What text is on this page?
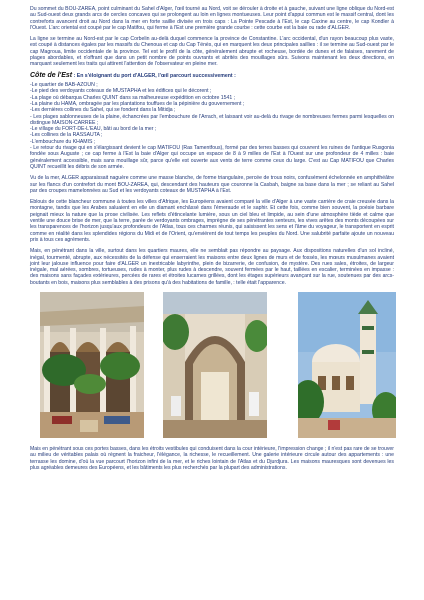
Du sommet du BOU-ZAREA, point culminant du Sahel d'Alger, l'œil tourné au Nord, voit se dérouler à droite et à gauche, suivant une ligne oblique du Nord-est au Sud-ouest deux grands arcs de cercles concaves qui se prolongent au loin en lignes montueuses. Leur point d'appui commun est le massif central, dont les contreforts avancent droit au Nord dans la mer en forte saillie divisée en trois caps : La Pointe Pescade à l'Est, le cap Caxine au centre, le cap Kondler à l'Ouest. L'arc oriental est coupé par le cap Matifou, qui ferme à l'Est une première grande courbe : cette courbe est la baie ou rade d'ALGER.

La ligne se termine au Nord-est par le cap Corbelin au-delà duquel commence la province de Constantine. L'arc occidental, d'un rayon beaucoup plus vaste, est coupé à distances égales par les massifs du Chenoua et cap du Cap Ténès, qui en marquent les deux principales saillies : il se termine au Sud-ouest par le cap Magroua, limite occidentale de la province. Tel est le profil de la côte, généralement abrupte et rocheuse, bordée de dunes et de falaises, rarement de plages abordables, et n'offrant que dans un petit nombre de points ouvrants et abrités des mouillages sûrs. Suivons maintenant les deux directions, en marquant seulement les traits qui attirent l'attention de l'observateur en pleine mer.

Côte de l'Est : En s'éloignant du port d'ALGER, l'œil parcourt successivement :
-Le quartier de BAB-AZOUN ;
-Le pied des verdoyants coteaux de MUSTAPHA et les édifices qui le décorent ;
-La plage où débarqua Charles QUINT dans sa malheureuse expédition en octobre 1541 ;
-La plaine du HAMA, ombragée par les plantations touffues de la pépinière du gouvernement ;
-Les dernières collines du Sahel, qui se fondent dans la Mitidja ;
- Les plages sablonneuses de la plaine, échancrées par l'embouchure de l'Arrach, et laissant voir au-delà du rivage de nombreuses fermes parmi lesquelles on distingue MAISON-CARREE ;
-Le village du FORT-DE-L'EAU, bâti au bord de la mer ;
-Les collines de la RASSAUTA ;
-L'embouchure du KHAMIS ;
- Le retour du rivage qui en s'élargissant devient le cap MATIFOU (Ras Tamentfous), formé par des terres basses qui couvrent les ruines de l'antique Rusgonia fondée sous Auguste ; ce cap ferme à l'Est la baie d'Alger qui occupe un espace de 8 à 9 milles de l'Est à l'Ouest sur une profondeur de 4 milles : baie généralement accessible, mais sans mouillage sûr, parce qu'elle est ouverte aux vents de terre comme ceux du large. C'est au Cap MATIFOU que Charles QUINT recueillit les débris de son armée.

Vu de la mer, ALGER apparaissait naguère comme une masse blanche, de forme triangulaire, percée de trous noirs, confusément échelonnée en amphithéâtre sur les flancs d'un contrefort du mont BOU-ZAREA, qui, descendant des hauteurs que couronne la Casbah, baigne sa base dans la mer ; se reliant au Sahel par des croupes mamelonnées au Sud et les verdoyants coteaux de MUSTAPHA à l'Est.

Eblouis de cette blancheur commune à toutes les villes d'Afrique, les Européens avaient comparé la ville d'Alger à une vaste carrière de craie creusée dans la montagne, tandis que les Arabes saluaient en elle un diamant enchâssé dans l'émeraude et le saphir. Et cette fois, comme bien souvent, la poésie barbare peignait mieux la nature que la prose civilisée. Les reflets d'étincelante lumière, sous un ciel bleu et limpide, au sein d'une atmosphère tiède et calme que ventile une douce brise de mer, que la terre, parée de verdoyants ombrages, imprègne de ses pénétrantes senteurs, les vives arêtes des monts découpées sur les transparences de l'horizon jusqu'aux profondeurs de l'Atlas, tous ces charmes réunis, qui saisissent les sens et l'âme du voyageur, le transportent en esprit comme en réalité dans les splendides régions du Midi et de l'Orient, qu'enviérent de tout temps les peuples du Nord. Une salubrité parfaite ajoute un nouveau prix à tous ces agréments.

Mais, en pénétrant dans la ville, surtout dans les quartiers maures, elle ne semblait pas répondre au paysage. Aux dispositions naturelles d'un sol incliné, inégal, tourmenté, abrupte, aux nécessités de la défense qui enserraient les maisons entre deux lignes de murs et de fossés, les mœurs musulmanes avaient joint leur jalouse influence pour faire d'ALGER un inextricable labyrinthe, plein de bizarrerie, de confusion, de mystère. Des rues sales, étroites, de largeur inégale, mal aérées, sombres, tortueuses, rudes à monter, plus rudes à descendre, souvent fermées par le haut, taillées en escalier, terminées en impasse : des maisons sans façades extérieures, percées de rares et étroites lucarnes grillées, dont les étages supérieurs avançant sur la rue, soutenues par des arcs-boutants en bois, maisons plus semblables à des prisons qu'à des habitations de famille, : telle était l'apparence.

Mais en pénétrant sous ces portes basses, dans les étroits vestibules qui conduisent dans la cour intérieure, l'impression change ; il n'est pas rare de se trouver au milieu de véritables palais où règnent la fraicheur, l'élégance, la richesse, le recueillement. Une galerie intérieure circule autour des appartements : une terrasse les domine, d'où la vue parcourt l'horizon infini de la mer, et le riches lointain de l'Atlas et du Djurdjura. Les maisons mauresques sont devenues les plus agréables demeures des Européens, et les bâtiments les plus recherchés par la plupart des administrations.
